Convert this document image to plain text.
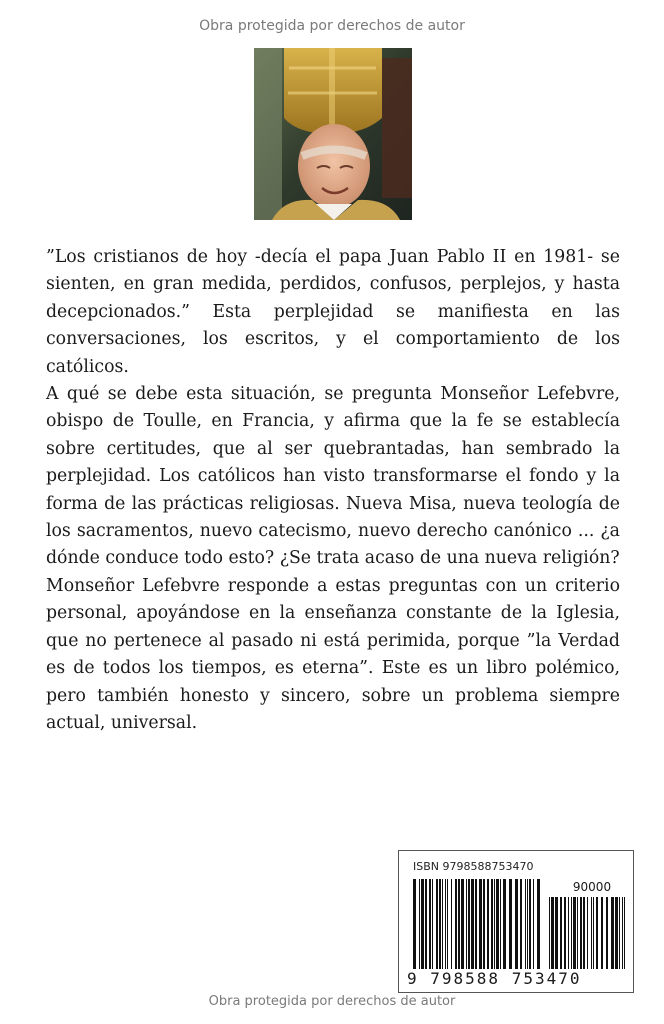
Obra protegida por derechos de autor

”Los cristianos de hoy -decía el papa Juan Pablo II en 1981- se sienten, en gran medida, perdidos, confusos, perplejos, y hasta decepcionados.” Esta perplejidad se manifiesta en las conversaciones, los escritos, y el comportamiento de los católicos.

A qué se debe esta situación, se pregunta Monseñor Lefebvre, obispo de Toulle, en Francia, y afirma que la fe se establecía sobre certitudes, que al ser quebrantadas, han sembrado la perplejidad. Los católicos han visto transformarse el fondo y la forma de las prácticas religiosas. Nueva Misa, nueva teología de los sacramentos, nuevo catecismo, nuevo derecho canónico ... ¿a dónde conduce todo esto? ¿Se trata acaso de una nueva religión?

Monseñor Lefebvre responde a estas preguntas con un criterio personal, apoyándose en la enseñanza constante de la Iglesia, que no pertenece al pasado ni está perimida, porque ”la Verdad es de todos los tiempos, es eterna”. Este es un libro polémico, pero también honesto y sincero, sobre un problema siempre actual, universal.

ISBN 9798588753470
90000
9 798588 753470
Obra protegida por derechos de autor
